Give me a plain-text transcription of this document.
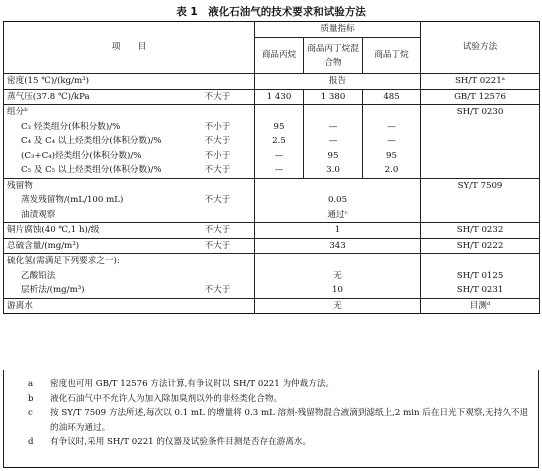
表 1　液化石油气的技术要求和试验方法
项　　目		质量指标			试验方法
		商品丙烷	商品丙丁烷混合物	商品丁烷	
密度(15 ℃)/(kg/m³)		报告			SH/T 0221ᵃ
蒸气压(37.8 ℃)/kPa	不大于	1 430	1 380	485	GB/T 12576
组分ᵇ					SH/T 0230
C₃ 烃类组分(体积分数)/%	不小于	95	—	—	
C₄ 及 C₄ 以上烃类组分(体积分数)/%	不大于	2.5	—	—	
(C₃+C₄)烃类组分(体积分数)/%	不小于	—	95	95	
C₅ 及 C₅ 以上烃类组分(体积分数)/%	不大于	—	3.0	2.0	
残留物					SY/T 7509
蒸发残留物/(mL/100 mL)	不大于	0.05			
油渍观察		通过ᶜ			
铜片腐蚀(40 ℃,1 h)/级	不大于	1			SH/T 0232
总硫含量/(mg/m³)	不大于	343			SH/T 0222
硫化氢(需满足下列要求之一):					
乙酸铅法		无			SH/T 0125
层析法/(mg/m³)	不大于	10			SH/T 0231
游离水		无			目测ᵈ
a 密度也可用 GB/T 12576 方法计算,有争议时以 SH/T 0221 为仲裁方法。
b 液化石油气中不允许人为加入除加臭剂以外的非烃类化合物。
c 按 SY/T 7509 方法所述,每次以 0.1 mL 的增量将 0.3 mL 溶剂-残留物混合液滴到滤纸上,2 min 后在日光下观察,无持久不退的油环为通过。
d 有争议时,采用 SH/T 0221 的仪器及试验条件目测是否存在游离水。
